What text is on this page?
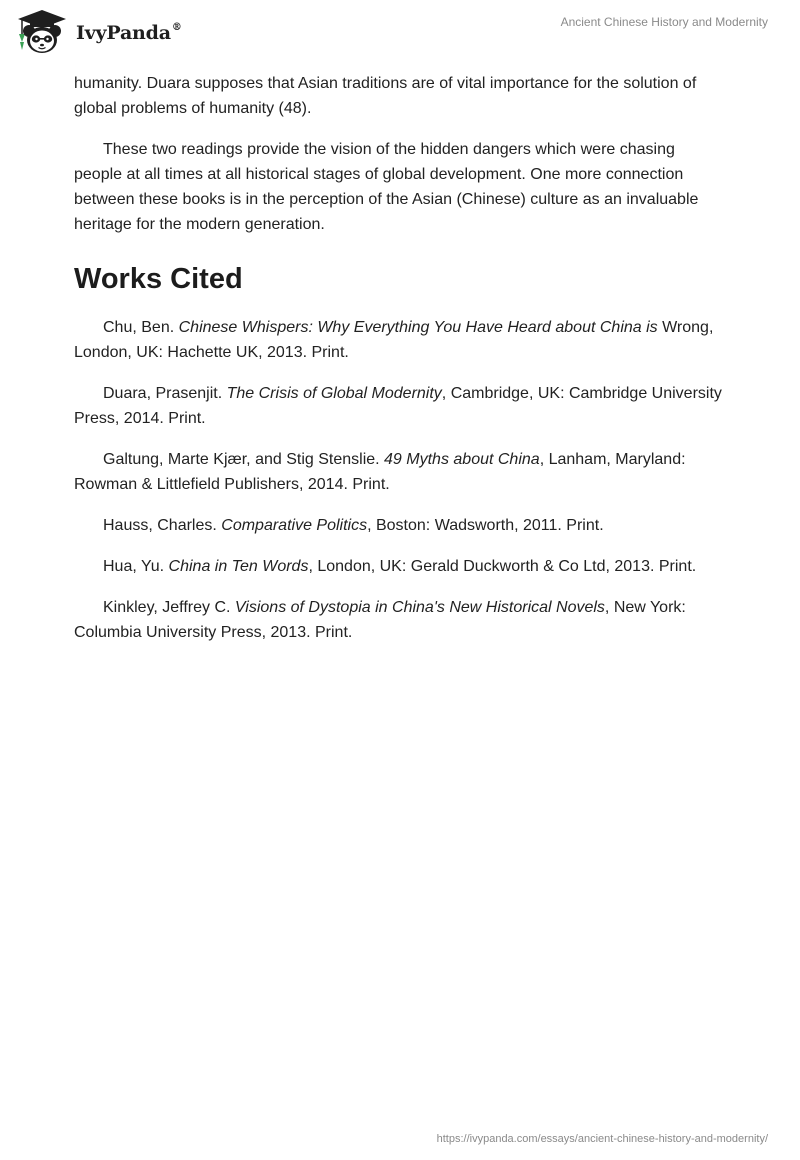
IvyPanda®	Ancient Chinese History and Modernity

humanity. Duara supposes that Asian traditions are of vital importance for the solution of global problems of humanity (48).

These two readings provide the vision of the hidden dangers which were chasing people at all times at all historical stages of global development. One more connection between these books is in the perception of the Asian (Chinese) culture as an invaluable heritage for the modern generation.

Works Cited

Chu, Ben. Chinese Whispers: Why Everything You Have Heard about China is Wrong, London, UK: Hachette UK, 2013. Print.

Duara, Prasenjit. The Crisis of Global Modernity, Cambridge, UK: Cambridge University Press, 2014. Print.

Galtung, Marte Kjær, and Stig Stenslie. 49 Myths about China, Lanham, Maryland: Rowman & Littlefield Publishers, 2014. Print.

Hauss, Charles. Comparative Politics, Boston: Wadsworth, 2011. Print.

Hua, Yu. China in Ten Words, London, UK: Gerald Duckworth & Co Ltd, 2013. Print.

Kinkley, Jeffrey C. Visions of Dystopia in China's New Historical Novels, New York: Columbia University Press, 2013. Print.

https://ivypanda.com/essays/ancient-chinese-history-and-modernity/
